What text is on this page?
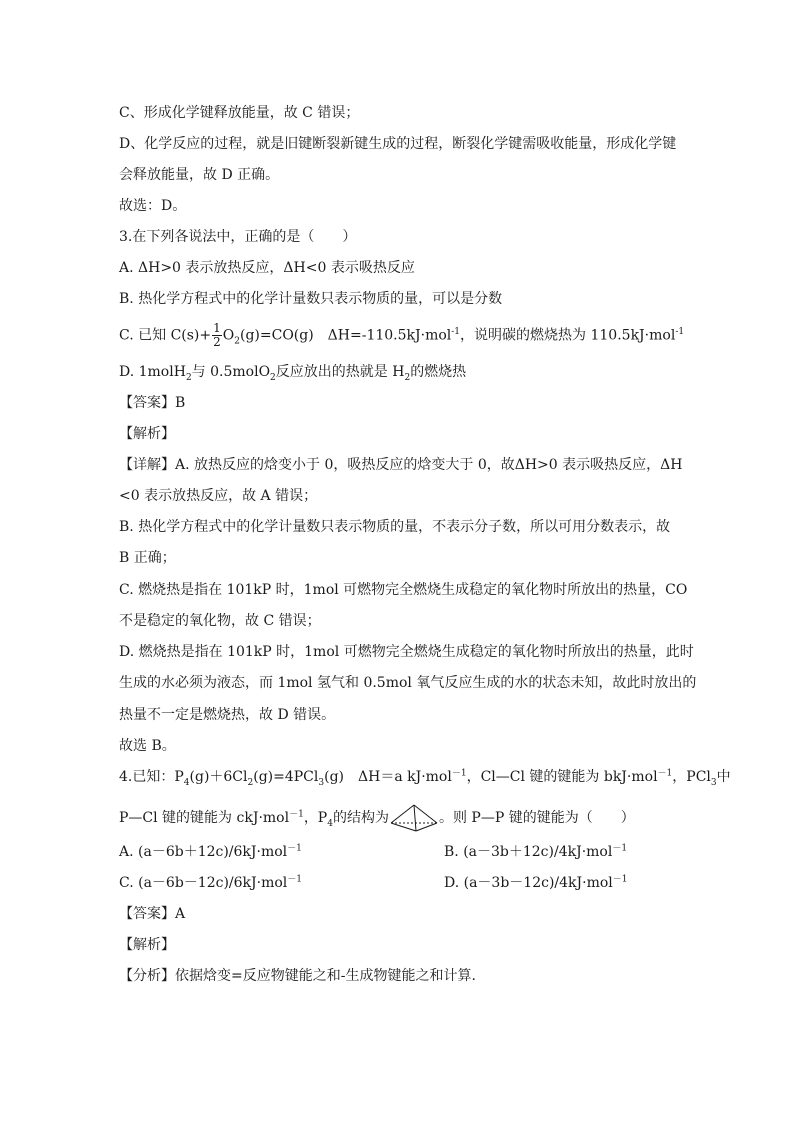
C、形成化学键释放能量，故 C 错误；
D、化学反应的过程，就是旧键断裂新键生成的过程，断裂化学键需吸收能量，形成化学键
会释放能量，故 D 正确。
故选：D。
3.在下列各说法中，正确的是（　　）
A. ΔH>0 表示放热反应，ΔH<0 表示吸热反应
B. 热化学方程式中的化学计量数只表示物质的量，可以是分数
C. 已知 $C(s)+ \frac{1}{2} O_2(g)=CO(g)$　ΔH=-110.5kJ·mol$^{-1}$，说明碳的燃烧热为 110.5kJ·mol$^{-1}$
D. 1molH$_2$与 0.5molO$_2$反应放出的热就是 $H_2$的燃烧热
【答案】B
【解析】
【详解】A. 放热反应的焓变小于 0，吸热反应的焓变大于 0，故ΔH>0 表示吸热反应，ΔH
<0 表示放热反应，故 A 错误；
B. 热化学方程式中的化学计量数只表示物质的量，不表示分子数，所以可用分数表示，故
B 正确；
C. 燃烧热是指在 101kP 时，1mol 可燃物完全燃烧生成稳定的氧化物时所放出的热量，CO
不是稳定的氧化物，故 C 错误；
D. 燃烧热是指在 101kP 时，1mol 可燃物完全燃烧生成稳定的氧化物时所放出的热量，此时
生成的水必须为液态，而 1mol 氢气和 0.5mol 氧气反应生成的水的状态未知，故此时放出的
热量不一定是燃烧热，故 D 错误。
故选 B。
4.已知：$P_4(g)+6Cl_2(g)=4PCl_3(g)$　ΔH＝a kJ·mol$^{-1}$，Cl—Cl 键的键能为 bkJ·mol$^{-1}$，PCl$_3$中
P—Cl 键的键能为 ckJ·mol$^{-1}$，$P_4$的结构为	。则 P—P 键的键能为（　　）
A. (a－6b＋12c)/6kJ·mol$^{-1}$	B. (a－3b＋12c)/4kJ·mol$^{-1}$
C. (a－6b－12c)/6kJ·mol$^{-1}$	D. (a－3b－12c)/4kJ·mol$^{-1}$
【答案】A
【解析】
【分析】依据焓变=反应物键能之和-生成物键能之和计算.
